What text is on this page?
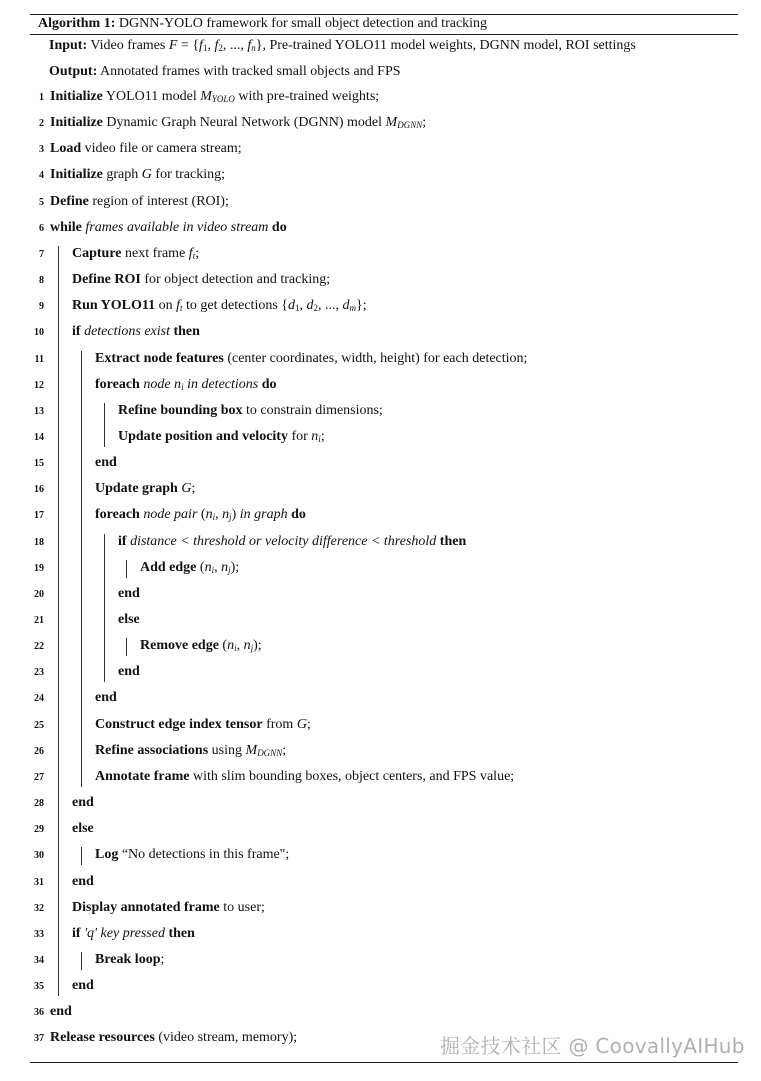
Algorithm 1: DGNN-YOLO framework for small object detection and tracking
Input: Video frames $F = \{f_1$, $f_2$, ..., $f_n$}, Pre-trained YOLO11 model weights, DGNN model, ROI settings
Output: Annotated frames with tracked small objects and FPS
1 Initialize YOLO11 model $M_{YOLO}$ with pre-trained weights;
2 Initialize Dynamic Graph Neural Network (DGNN) model $M_{DGNN}$;
3 Load video file or camera stream;
4 Initialize graph G for tracking;
5 Define region of interest (ROI);
6 while frames available in video stream do
7 Capture next frame $f_t$;
8 Define ROI for object detection and tracking;
9 Run YOLO11 on $f_t$ to get detections {$d_1$, $d_2$, ..., $d_m$};
10 if detections exist then
11	Extract node features (center coordinates, width, height) for each detection;
12	foreach node $n_i$ in detections do
13	Refine bounding box to constrain dimensions;
14	Update position and velocity for $n_i$;
15	end
16	Update graph G;
17	foreach node pair ($n_i$, $n_j$) in graph do
18	if distance < threshold or velocity difference < threshold then
19	Add edge ($n_i$, $n_j$);
20	end
21	else
22	Remove edge ($n_i$, $n_j$);
23	end
24	end
25	Construct edge index tensor from G;
26	Refine associations using $M_{DGNN}$;
27	Annotate frame with slim bounding boxes, object centers, and FPS value;
28 end
29 else
30	Log “No detections in this frame";
31 end
32 Display annotated frame to user;
33 if 'q' key pressed then
34	Break loop;
35 end
36 end
37 Release resources (video stream, memory);	掘金技术社区 @ CoovallyAIHub
